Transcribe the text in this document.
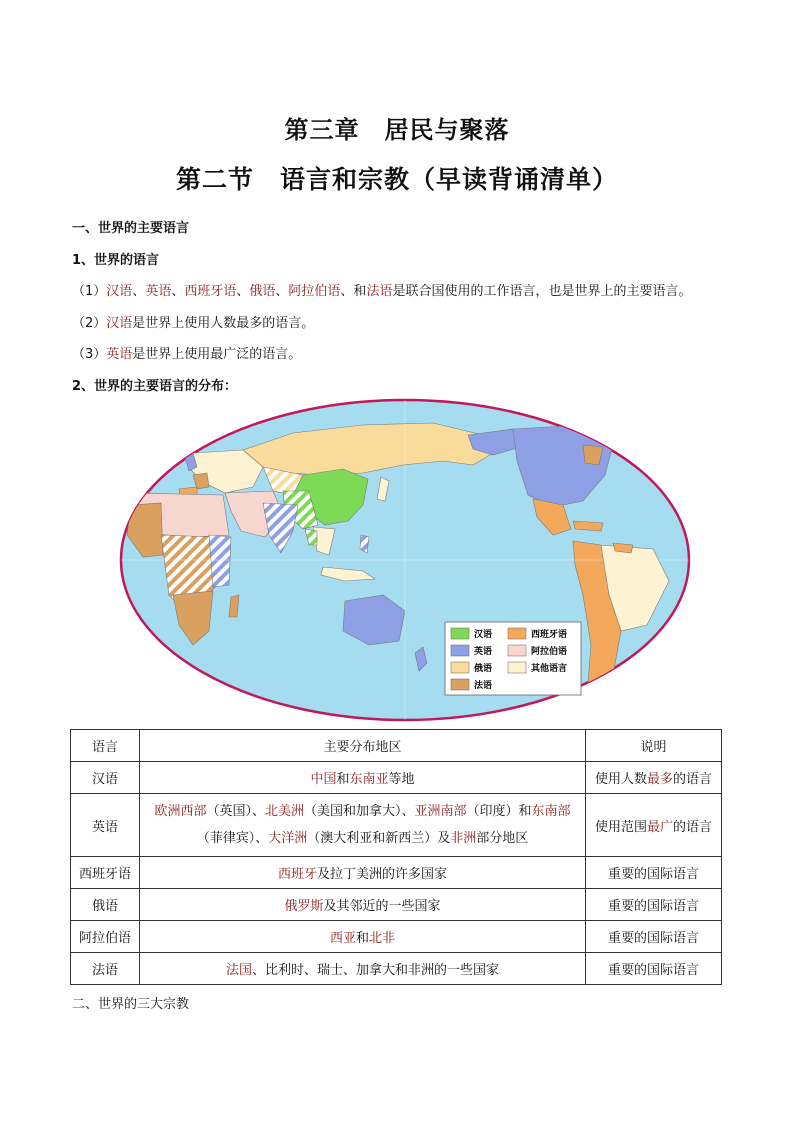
第三章　居民与聚落
第二节　语言和宗教（早读背诵清单）
一、世界的主要语言
1、世界的语言
（1）汉语、英语、西班牙语、俄语、阿拉伯语、和法语是联合国使用的工作语言，也是世界上的主要语言。
（2）汉语是世界上使用人数最多的语言。
（3）英语是世界上使用最广泛的语言。
2、世界的主要语言的分布：
汉语	西班牙语
英语	阿拉伯语
俄语	其他语言
法语
语言	主要分布地区	说明
汉语	中国和东南亚等地	使用人数最多的语言
英语	欧洲西部（英国）、北美洲（美国和加拿大）、亚洲南部（印度）和东南部
（菲律宾）、大洋洲（澳大利亚和新西兰）及非洲部分地区	使用范围最广的语言
西班牙语	西班牙及拉丁美洲的许多国家	重要的国际语言
俄语	俄罗斯及其邻近的一些国家	重要的国际语言
阿拉伯语	西亚和北非	重要的国际语言
法语	法国、比利时、瑞士、加拿大和非洲的一些国家	重要的国际语言
二、世界的三大宗教
